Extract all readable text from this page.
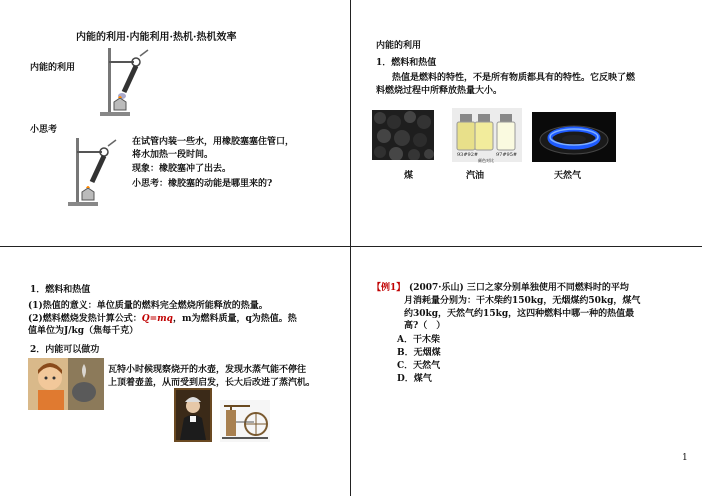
内能的利用·内能利用·热机·热机效率
内能的利用
小思考
在试管内装一些水，用橡胶塞塞住管口，
将水加热一段时间。
现象：橡胶塞冲了出去。
小思考：橡胶塞的动能是哪里来的?
内能的利用
1．燃料和热值
热值是燃料的特性，不是所有物质都具有的特性。它反映了燃
料燃烧过程中所释放热量大小。
93#92#	97#95#
颜色对比
煤	汽油	天然气
1．燃料和热值
(1)热值的意义：单位质量的燃料完全燃烧所能释放的热量。
(2)燃料燃烧发热计算公式：Q=mq，m为燃料质量，q为热值。热
值单位为J/kg（焦每千克）
2．内能可以做功
瓦特小时候现察烧开的水壶，发现水蒸气能不停往
上顶着壶盖，从而受到启发，长大后改进了蒸汽机。
【例1】 (2007·乐山) 三口之家分别单独使用不同燃料时的平均
月消耗量分别为：干木柴约150kg，无烟煤约50kg，煤气
约30kg，天然气约15kg，这四种燃料中哪一种的热值最
高?（　）
A．干木柴
B．无烟煤
C．天然气
D．煤气
1
